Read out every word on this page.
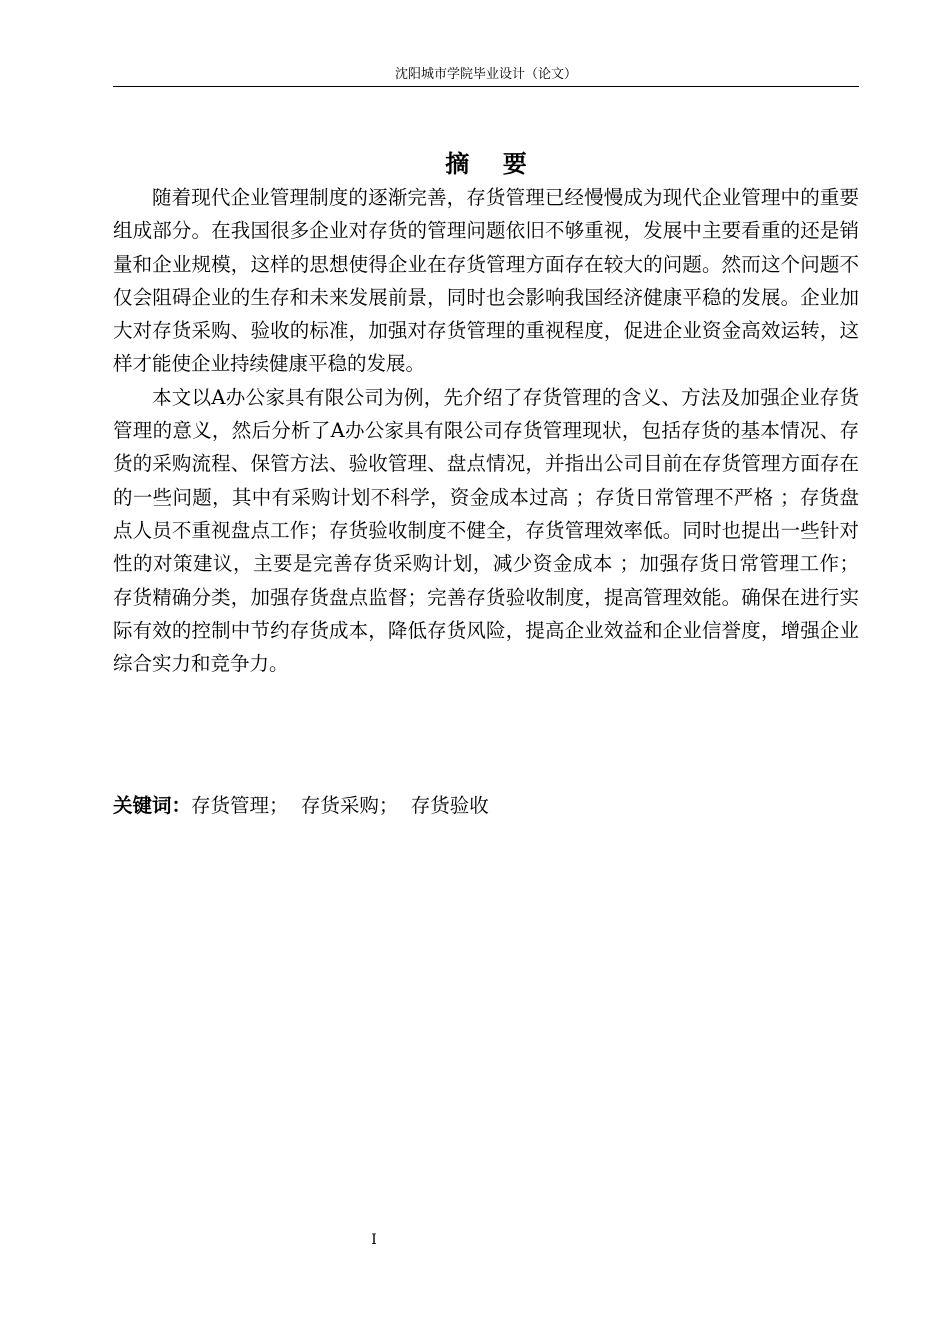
沈阳城市学院毕业设计（论文）
摘    要

随着现代企业管理制度的逐渐完善，存货管理已经慢慢成为现代企业管理中的重要组成部分。在我国很多企业对存货的管理问题依旧不够重视，发展中主要看重的还是销量和企业规模，这样的思想使得企业在存货管理方面存在较大的问题。然而这个问题不仅会阻碍企业的生存和未来发展前景，同时也会影响我国经济健康平稳的发展。企业加大对存货采购、验收的标准，加强对存货管理的重视程度，促进企业资金高效运转，这样才能使企业持续健康平稳的发展。

本文以A办公家具有限公司为例，先介绍了存货管理的含义、方法及加强企业存货管理的意义，然后分析了A办公家具有限公司存货管理现状，包括存货的基本情况、存货的采购流程、保管方法、验收管理、盘点情况，并指出公司目前在存货管理方面存在的一些问题，其中有采购计划不科学，资金成本过高 ；存货日常管理不严格 ；存货盘点人员不重视盘点工作；存货验收制度不健全，存货管理效率低。同时也提出一些针对性的对策建议，主要是完善存货采购计划，减少资金成本 ；加强存货日常管理工作；存货精确分类，加强存货盘点监督；完善存货验收制度，提高管理效能。确保在进行实际有效的控制中节约存货成本，降低存货风险，提高企业效益和企业信誉度，增强企业综合实力和竞争力。

关键词：存货管理；  存货采购；  存货验收
I
